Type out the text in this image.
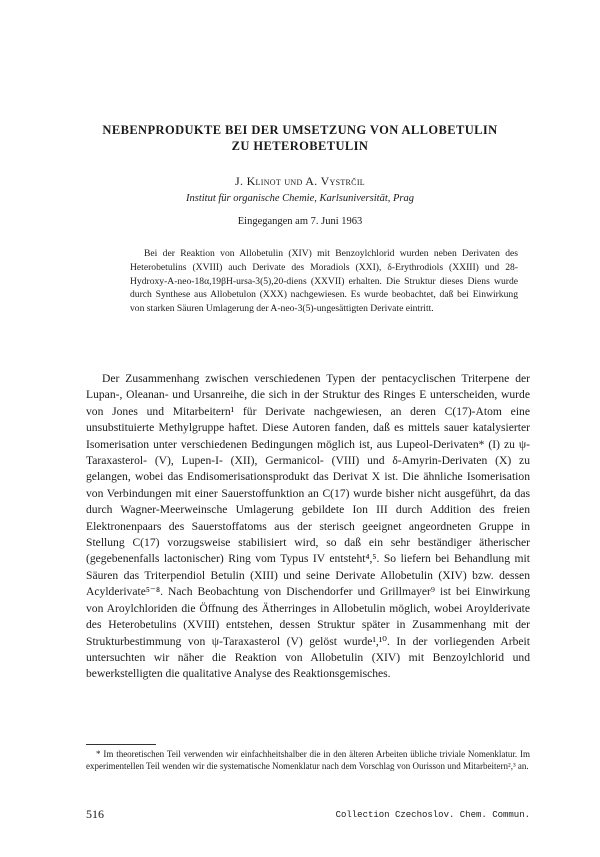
NEBENPRODUKTE BEI DER UMSETZUNG VON ALLOBETULIN
ZU HETEROBETULIN
J. Klinot und A. Vystrčil
Institut für organische Chemie, Karlsuniversität, Prag
Eingegangen am 7. Juni 1963

Bei der Reaktion von Allobetulin (XIV) mit Benzoylchlorid wurden neben Derivaten des Heterobetulins (XVIII) auch Derivate des Moradiols (XXI), δ-Erythrodiols (XXIII) und 28-Hydroxy-A-neo-18α,19βH-ursa-3(5),20-diens (XXVII) erhalten. Die Struktur dieses Diens wurde durch Synthese aus Allobetulon (XXX) nachgewiesen. Es wurde beobachtet, daß bei Einwirkung von starken Säuren Umlagerung der A-neo-3(5)-ungesättigten Derivate eintritt.

Der Zusammenhang zwischen verschiedenen Typen der pentacyclischen Triterpene der Lupan-, Oleanan- und Ursanreihe, die sich in der Struktur des Ringes E unterscheiden, wurde von Jones und Mitarbeitern¹ für Derivate nachgewiesen, an deren C(17)-Atom eine unsubstituierte Methylgruppe haftet. Diese Autoren fanden, daß es mittels sauer katalysierter Isomerisation unter verschiedenen Bedingungen möglich ist, aus Lupeol-Derivaten* (I) zu ψ-Taraxasterol- (V), Lupen-I- (XII), Germanicol- (VIII) und δ-Amyrin-Derivaten (X) zu gelangen, wobei das Endisomerisationsprodukt das Derivat X ist. Die ähnliche Isomerisation von Verbindungen mit einer Sauerstoffunktion an C(17) wurde bisher nicht ausgeführt, da das durch Wagner-Meerweinsche Umlagerung gebildete Ion III durch Addition des freien Elektronenpaars des Sauerstoffatoms aus der sterisch geeignet angeordneten Gruppe in Stellung C(17) vorzugsweise stabilisiert wird, so daß ein sehr beständiger ätherischer (gegebenenfalls lactonischer) Ring vom Typus IV entsteht⁴,⁵. So liefern bei Behandlung mit Säuren das Triterpendiol Betulin (XIII) und seine Derivate Allobetulin (XIV) bzw. dessen Acylderivate⁵⁻⁸. Nach Beobachtung von Dischendorfer und Grillmayer⁹ ist bei Einwirkung von Aroylchloriden die Öffnung des Ätherringes in Allobetulin möglich, wobei Aroylderivate des Heterobetulins (XVIII) entstehen, dessen Struktur später in Zusammenhang mit der Strukturbestimmung von ψ-Taraxasterol (V) gelöst wurde¹,¹⁰. In der vorliegenden Arbeit untersuchten wir näher die Reaktion von Allobetulin (XIV) mit Benzoylchlorid und bewerkstelligten die qualitative Analyse des Reaktionsgemisches.

* Im theoretischen Teil verwenden wir einfachheitshalber die in den älteren Arbeiten übliche triviale Nomenklatur. Im experimentellen Teil wenden wir die systematische Nomenklatur nach dem Vorschlag von Ourisson und Mitarbeitern²,³ an.

516	Collection Czechoslov. Chem. Commun.
